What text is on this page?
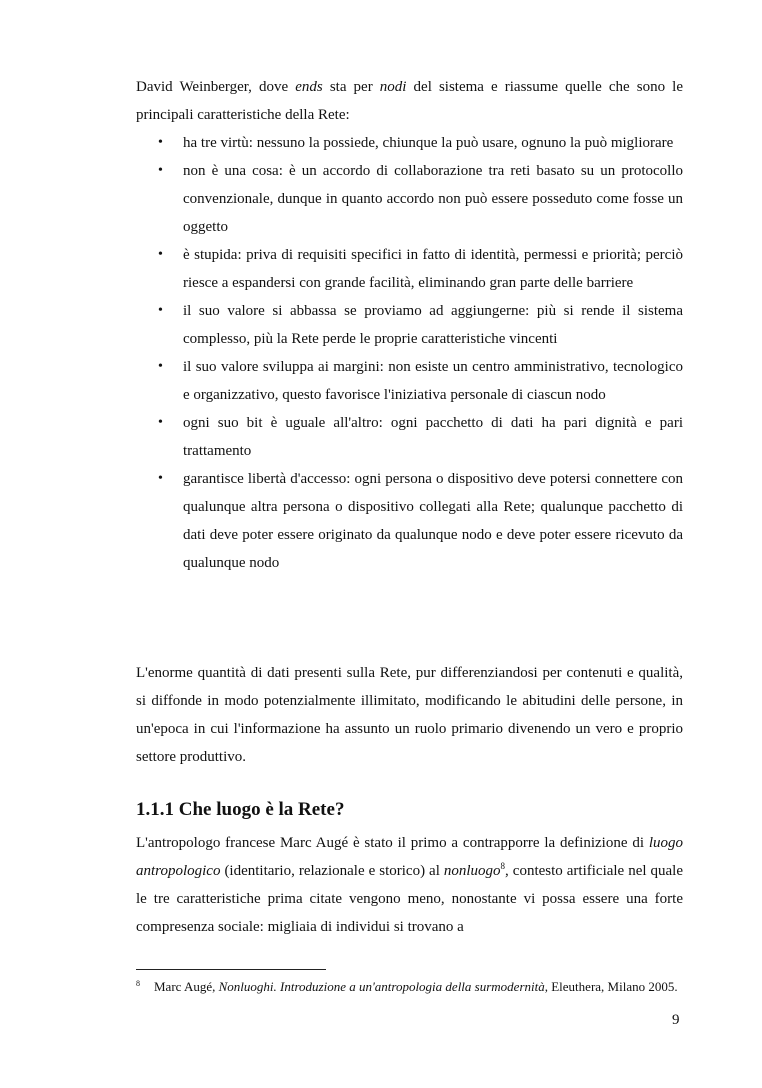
David Weinberger, dove ends sta per nodi del sistema e riassume quelle che sono le principali caratteristiche della Rete:
• ha tre virtù: nessuno la possiede, chiunque la può usare, ognuno la può migliorare
• non è una cosa: è un accordo di collaborazione tra reti basato su un protocollo convenzionale, dunque in quanto accordo non può essere posseduto come fosse un oggetto
• è stupida: priva di requisiti specifici in fatto di identità, permessi e priorità; perciò riesce a espandersi con grande facilità, eliminando gran parte delle barriere
• il suo valore si abbassa se proviamo ad aggiungerne: più si rende il sistema complesso, più la Rete perde le proprie caratteristiche vincenti
• il suo valore sviluppa ai margini: non esiste un centro amministrativo, tecnologico e organizzativo, questo favorisce l'iniziativa personale di ciascun nodo
• ogni suo bit è uguale all'altro: ogni pacchetto di dati ha pari dignità e pari trattamento
• garantisce libertà d'accesso: ogni persona o dispositivo deve potersi connettere con qualunque altra persona o dispositivo collegati alla Rete; qualunque pacchetto di dati deve poter essere originato da qualunque nodo e deve poter essere ricevuto da qualunque nodo
L'enorme quantità di dati presenti sulla Rete, pur differenziandosi per contenuti e qualità, si diffonde in modo potenzialmente illimitato, modificando le abitudini delle persone, in un'epoca in cui l'informazione ha assunto un ruolo primario divenendo un vero e proprio settore produttivo.
1.1.1 Che luogo è la Rete?
L'antropologo francese Marc Augé è stato il primo a contrapporre la definizione di luogo antropologico (identitario, relazionale e storico) al nonluogo$^8$, contesto artificiale nel quale le tre caratteristiche prima citate vengono meno, nonostante vi possa essere una forte compresenza sociale: migliaia di individui si trovano a
8 Marc Augé, Nonluoghi. Introduzione a un'antropologia della surmodernità, Eleuthera, Milano 2005.
9
